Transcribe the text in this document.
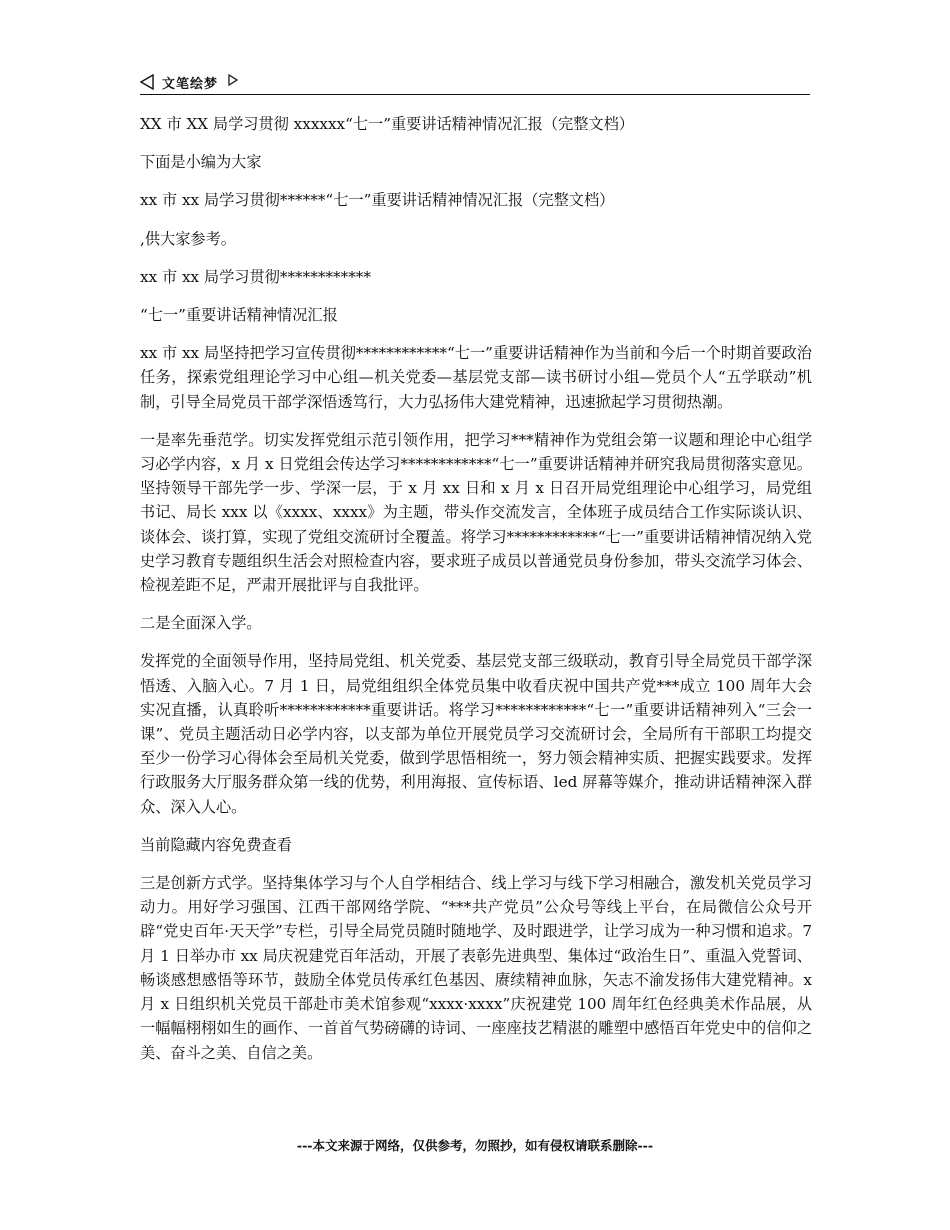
文笔绘梦

XX 市 XX 局学习贯彻 xxxxxx“七一”重要讲话精神情况汇报（完整文档）

下面是小编为大家

xx 市 xx 局学习贯彻******“七一”重要讲话精神情况汇报（完整文档）

,供大家参考。

xx 市 xx 局学习贯彻************

“七一”重要讲话精神情况汇报

xx 市 xx 局坚持把学习宣传贯彻************“七一”重要讲话精神作为当前和今后一个时期首要政治任务，探索党组理论学习中心组—机关党委—基层党支部—读书研讨小组—党员个人“五学联动”机制，引导全局党员干部学深悟透笃行，大力弘扬伟大建党精神，迅速掀起学习贯彻热潮。

一是率先垂范学。切实发挥党组示范引领作用，把学习***精神作为党组会第一议题和理论中心组学习必学内容，x 月 x 日党组会传达学习************“七一”重要讲话精神并研究我局贯彻落实意见。坚持领导干部先学一步、学深一层，于 x 月 xx 日和 x 月 x 日召开局党组理论中心组学习，局党组书记、局长 xxx 以《xxxx、xxxx》为主题，带头作交流发言，全体班子成员结合工作实际谈认识、谈体会、谈打算，实现了党组交流研讨全覆盖。将学习************“七一”重要讲话精神情况纳入党史学习教育专题组织生活会对照检查内容，要求班子成员以普通党员身份参加，带头交流学习体会、检视差距不足，严肃开展批评与自我批评。

二是全面深入学。

发挥党的全面领导作用，坚持局党组、机关党委、基层党支部三级联动，教育引导全局党员干部学深悟透、入脑入心。7 月 1 日，局党组组织全体党员集中收看庆祝中国共产党***成立 100 周年大会实况直播，认真聆听************重要讲话。将学习************“七一”重要讲话精神列入“三会一课”、党员主题活动日必学内容，以支部为单位开展党员学习交流研讨会，全局所有干部职工均提交至少一份学习心得体会至局机关党委，做到学思悟相统一，努力领会精神实质、把握实践要求。发挥行政服务大厅服务群众第一线的优势，利用海报、宣传标语、led 屏幕等媒介，推动讲话精神深入群众、深入人心。

当前隐藏内容免费查看

三是创新方式学。坚持集体学习与个人自学相结合、线上学习与线下学习相融合，激发机关党员学习动力。用好学习强国、江西干部网络学院、“***共产党员”公众号等线上平台，在局微信公众号开辟“党史百年·天天学”专栏，引导全局党员随时随地学、及时跟进学，让学习成为一种习惯和追求。7 月 1 日举办市 xx 局庆祝建党百年活动，开展了表彰先进典型、集体过“政治生日”、重温入党誓词、畅谈感想感悟等环节，鼓励全体党员传承红色基因、赓续精神血脉，矢志不渝发扬伟大建党精神。x 月 x 日组织机关党员干部赴市美术馆参观“xxxx·xxxx”庆祝建党 100 周年红色经典美术作品展，从一幅幅栩栩如生的画作、一首首气势磅礴的诗词、一座座技艺精湛的雕塑中感悟百年党史中的信仰之美、奋斗之美、自信之美。

---本文来源于网络，仅供参考，勿照抄，如有侵权请联系删除---
